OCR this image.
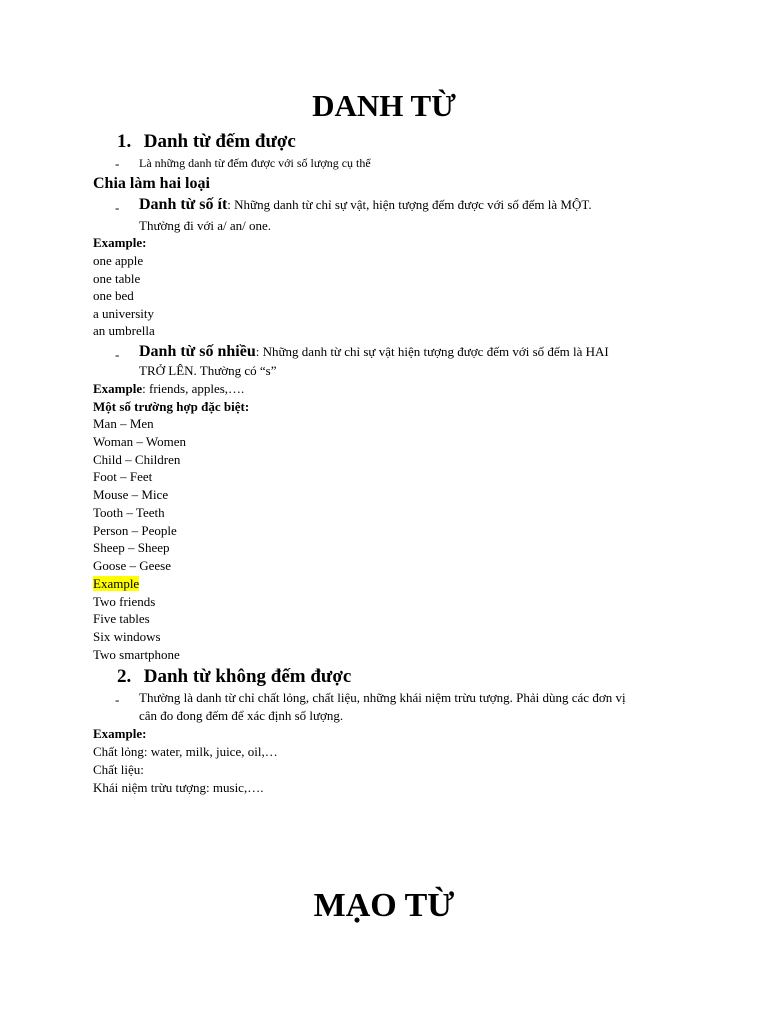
DANH TỪ
1. Danh từ đếm được
- Là những danh từ đếm được với số lượng cụ thể
Chia làm hai loại
- Danh từ số ít: Những danh từ chỉ sự vật, hiện tượng đếm được với số đếm là MỘT.
Thường đi với a/ an/ one.
Example:
one apple
one table
one bed
a university
an umbrella
- Danh từ số nhiều: Những danh từ chỉ sự vật hiện tượng được đếm với số đếm là HAI
TRỞ LÊN. Thường có “s”
Example: friends, apples,….
Một số trường hợp đặc biệt:
Man – Men
Woman – Women
Child – Children
Foot – Feet
Mouse – Mice
Tooth – Teeth
Person – People
Sheep – Sheep
Goose – Geese
Example
Two friends
Five tables
Six windows
Two smartphone
2. Danh từ không đếm được
- Thường là danh từ chỉ chất lỏng, chất liệu, những khái niệm trừu tượng. Phải dùng các đơn vị
cân đo đong đếm để xác định số lượng.
Example:
Chất lỏng: water, milk, juice, oil,…
Chất liệu:
Khái niệm trừu tượng: music,….
MẠO TỪ
